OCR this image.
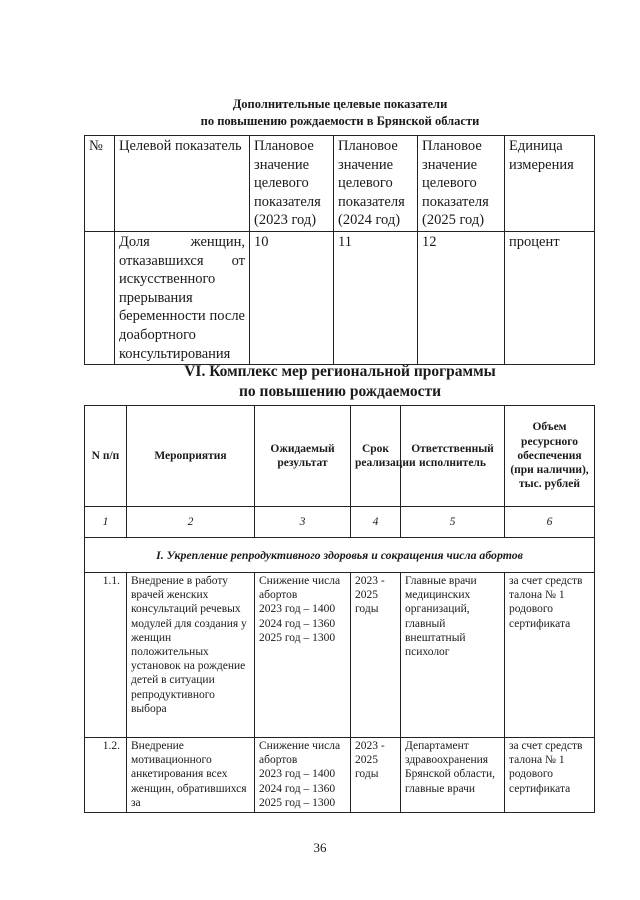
Дополнительные целевые показатели
по повышению рождаемости в Брянской области
№	Целевой показатель	Плановое значение целевого показателя (2023 год)	Плановое значение целевого показателя (2024 год)	Плановое значение целевого показателя (2025 год)	Единица измерения
	Доля женщин, отказавшихся от искусственного прерывания беременности после доабортного консультирования	10	11	12	процент
VI. Комплекс мер региональной программы
по повышению рождаемости
N п/п	Мероприятия	Ожидаемый результат	Срок реализации	Ответственный исполнитель	Объем ресурсного обеспечения (при наличии), тыс. рублей
1	2	3	4	5	6
I. Укрепление репродуктивного здоровья и сокращения числа абортов					
1.1.	Внедрение в работу врачей женских консультаций речевых модулей для создания у женщин положительных установок на рождение детей в ситуации репродуктивного выбора	Снижение числа абортов
2023 год – 1400
2024 год – 1360
2025 год – 1300	2023 - 2025 годы	Главные врачи медицинских организаций, главный внештатный психолог	за счет средств талона № 1 родового сертификата
1.2.	Внедрение мотивационного анкетирования всех женщин, обратившихся за	Снижение числа абортов
2023 год – 1400
2024 год – 1360
2025 год – 1300	2023 - 2025 годы	Департамент здравоохранения Брянской области, главные врачи	за счет средств талона № 1 родового сертификата
36
